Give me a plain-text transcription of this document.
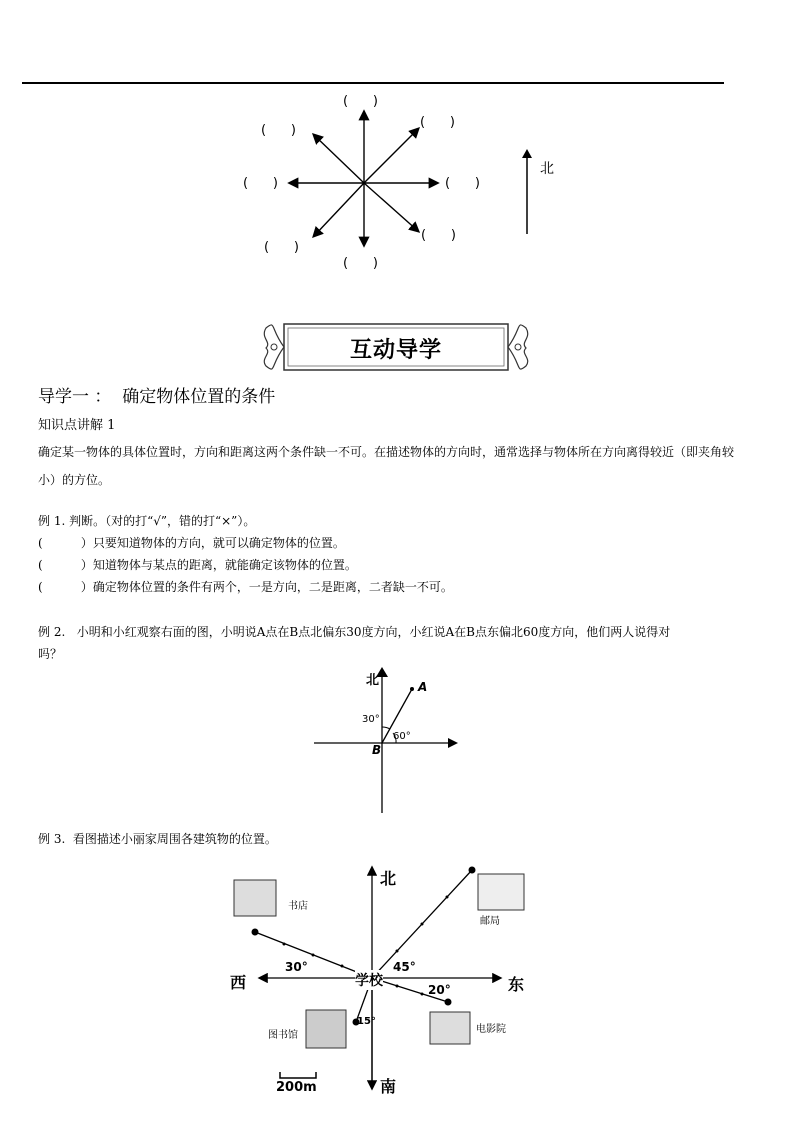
(      )
(      )
(      )
(      )	(      )
(      )
(      )
(      )
北
互动导学
导学一 ：  确定物体位置的条件
知识点讲解 1
确定某一物体的具体位置时，方向和距离这两个条件缺一不可。在描述物体的方向时，通常选择与物体所在方向离得较近（即夹角较小）的方位。
例 1. 判断。（对的打“√”，错的打“×”）。
(          ）只要知道物体的方向，就可以确定物体的位置。
(          ）知道物体与某点的距离，就能确定该物体的位置。
(          ）确定物体位置的条件有两个，一是方向，二是距离，二者缺一不可。
例 2.   小明和小红观察右面的图，小明说A点在B点北偏东30度方向，小红说A在B点东偏北60度方向，他们两人说得对
吗？
北	A
B
30°
60°
例 3.  看图描述小丽家周围各建筑物的位置。
北
南
西	东
学校
书店
邮局
图书馆
电影院
30°	45°
20°
15°
200m
